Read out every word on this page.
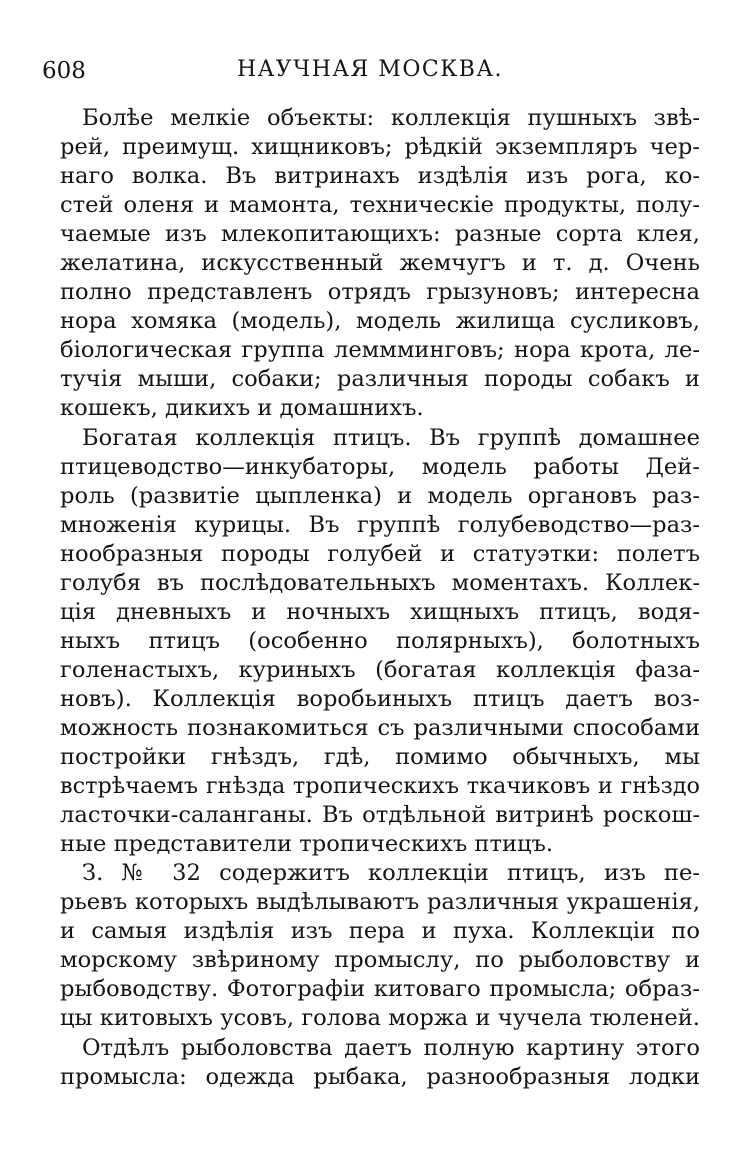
608	НАУЧНАЯ МОСКВА.
Болѣе мелкіе объекты: коллекція пушныхъ звѣ-
рей, преимущ. хищниковъ; рѣдкій экземпляръ чер-
наго волка. Въ витринахъ издѣлія изъ рога, ко-
стей оленя и мамонта, техническіе продукты, полу-
чаемые изъ млекопитающихъ: разные сорта клея,
желатина, искусственный жемчугъ и т. д. Очень
полно представленъ отрядъ грызуновъ; интересна
нора хомяка (модель), модель жилища сусликовъ,
біологическая группа леммминговъ; нора крота, ле-
тучія мыши, собаки; различныя породы собакъ и
кошекъ, дикихъ и домашнихъ.
Богатая коллекція птицъ. Въ группѣ домашнее
птицеводство—инкубаторы, модель работы Дей-
роль (развитіе цыпленка) и модель органовъ раз-
множенія курицы. Въ группѣ голубеводство—раз-
нообразныя породы голубей и статуэтки: полетъ
голубя въ послѣдовательныхъ моментахъ. Коллек-
ція дневныхъ и ночныхъ хищныхъ птицъ, водя-
ныхъ птицъ (особенно полярныхъ), болотныхъ
голенастыхъ, куриныхъ (богатая коллекція фаза-
новъ). Коллекція воробьиныхъ птицъ даетъ воз-
можность познакомиться съ различными способами
постройки гнѣздъ, гдѣ, помимо обычныхъ, мы
встрѣчаемъ гнѣзда тропическихъ ткачиковъ и гнѣздо
ласточки-саланганы. Въ отдѣльной витринѣ роскош-
ные представители тропическихъ птицъ.
З. № 32 содержитъ коллекціи птицъ, изъ пе-
рьевъ которыхъ выдѣлываютъ различныя украшенія,
и самыя издѣлія изъ пера и пуха. Коллекціи по
морскому звѣриному промыслу, по рыболовству и
рыбоводству. Фотографіи китоваго промысла; образ-
цы китовыхъ усовъ, голова моржа и чучела тюленей.
Отдѣлъ рыболовства даетъ полную картину этого
промысла: одежда рыбака, разнообразныя лодки
